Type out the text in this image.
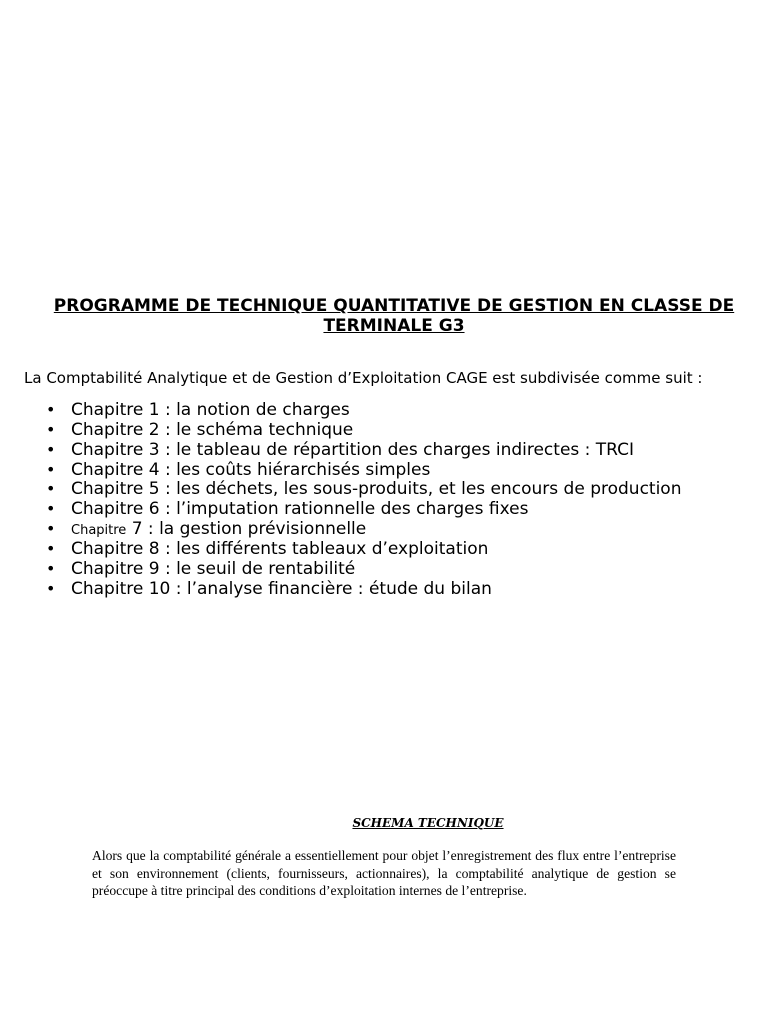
PROGRAMME DE TECHNIQUE QUANTITATIVE DE GESTION EN CLASSE DE TERMINALE G3

La Comptabilité Analytique et de Gestion d’Exploitation CAGE est subdivisée comme suit :

• Chapitre 1 : la notion de charges
• Chapitre 2 : le schéma technique
• Chapitre 3 : le tableau de répartition des charges indirectes : TRCI
• Chapitre 4 : les coûts hiérarchisés simples
• Chapitre 5 : les déchets, les sous-produits, et les encours de production
• Chapitre 6 : l’imputation rationnelle des charges fixes
• Chapitre 7 : la gestion prévisionnelle
• Chapitre 8 : les différents tableaux d’exploitation
• Chapitre 9 : le seuil de rentabilité
• Chapitre 10 : l’analyse financière : étude du bilan
SCHEMA TECHNIQUE

Alors que la comptabilité générale a essentiellement pour objet l’enregistrement des flux entre l’entreprise et son environnement (clients, fournisseurs, actionnaires), la comptabilité analytique de gestion se préoccupe à titre principal des conditions d’exploitation internes de l’entreprise.
